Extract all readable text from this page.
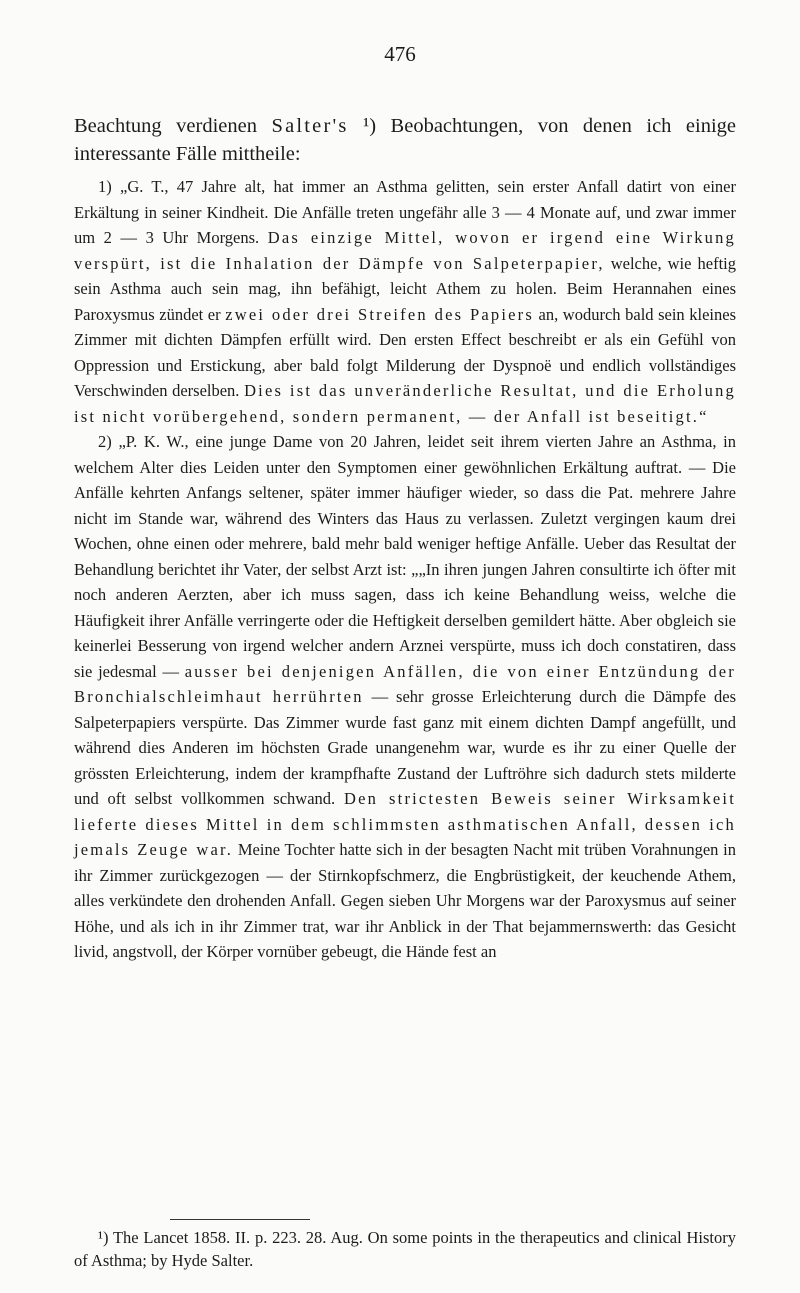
476

Beachtung verdienen Salter's ¹) Beobachtungen, von denen ich einige interessante Fälle mittheile:

1) „G. T., 47 Jahre alt, hat immer an Asthma gelitten, sein erster Anfall datirt von einer Erkältung in seiner Kindheit. Die Anfälle treten ungefähr alle 3 — 4 Monate auf, und zwar immer um 2 — 3 Uhr Morgens. Das einzige Mittel, wovon er irgend eine Wirkung verspürt, ist die Inhalation der Dämpfe von Salpeterpapier, welche, wie heftig sein Asthma auch sein mag, ihn befähigt, leicht Athem zu holen. Beim Herannahen eines Paroxysmus zündet er zwei oder drei Streifen des Papiers an, wodurch bald sein kleines Zimmer mit dichten Dämpfen erfüllt wird. Den ersten Effect beschreibt er als ein Gefühl von Oppression und Erstickung, aber bald folgt Milderung der Dyspnoë und endlich vollständiges Verschwinden derselben. Dies ist das unveränderliche Resultat, und die Erholung ist nicht vorübergehend, sondern permanent, — der Anfall ist beseitigt.“

2) „P. K. W., eine junge Dame von 20 Jahren, leidet seit ihrem vierten Jahre an Asthma, in welchem Alter dies Leiden unter den Symptomen einer gewöhnlichen Erkältung auftrat. — Die Anfälle kehrten Anfangs seltener, später immer häufiger wieder, so dass die Pat. mehrere Jahre nicht im Stande war, während des Winters das Haus zu verlassen. Zuletzt vergingen kaum drei Wochen, ohne einen oder mehrere, bald mehr bald weniger heftige Anfälle. Ueber das Resultat der Behandlung berichtet ihr Vater, der selbst Arzt ist: „„In ihren jungen Jahren consultirte ich öfter mit noch anderen Aerzten, aber ich muss sagen, dass ich keine Behandlung weiss, welche die Häufigkeit ihrer Anfälle verringerte oder die Heftigkeit derselben gemildert hätte. Aber obgleich sie keinerlei Besserung von irgend welcher andern Arznei verspürte, muss ich doch constatiren, dass sie jedesmal — ausser bei denjenigen Anfällen, die von einer Entzündung der Bronchialschleimhaut herrührten — sehr grosse Erleichterung durch die Dämpfe des Salpeterpapiers verspürte. Das Zimmer wurde fast ganz mit einem dichten Dampf angefüllt, und während dies Anderen im höchsten Grade unangenehm war, wurde es ihr zu einer Quelle der grössten Erleichterung, indem der krampfhafte Zustand der Luftröhre sich dadurch stets milderte und oft selbst vollkommen schwand. Den strictesten Beweis seiner Wirksamkeit lieferte dieses Mittel in dem schlimmsten asthmatischen Anfall, dessen ich jemals Zeuge war. Meine Tochter hatte sich in der besagten Nacht mit trüben Vorahnungen in ihr Zimmer zurückgezogen — der Stirnkopfschmerz, die Engbrüstigkeit, der keuchende Athem, alles verkündete den drohenden Anfall. Gegen sieben Uhr Morgens war der Paroxysmus auf seiner Höhe, und als ich in ihr Zimmer trat, war ihr Anblick in der That bejammernswerth: das Gesicht livid, angstvoll, der Körper vornüber gebeugt, die Hände fest an

¹) The Lancet 1858. II. p. 223. 28. Aug. On some points in the therapeutics and clinical History of Asthma; by Hyde Salter.
